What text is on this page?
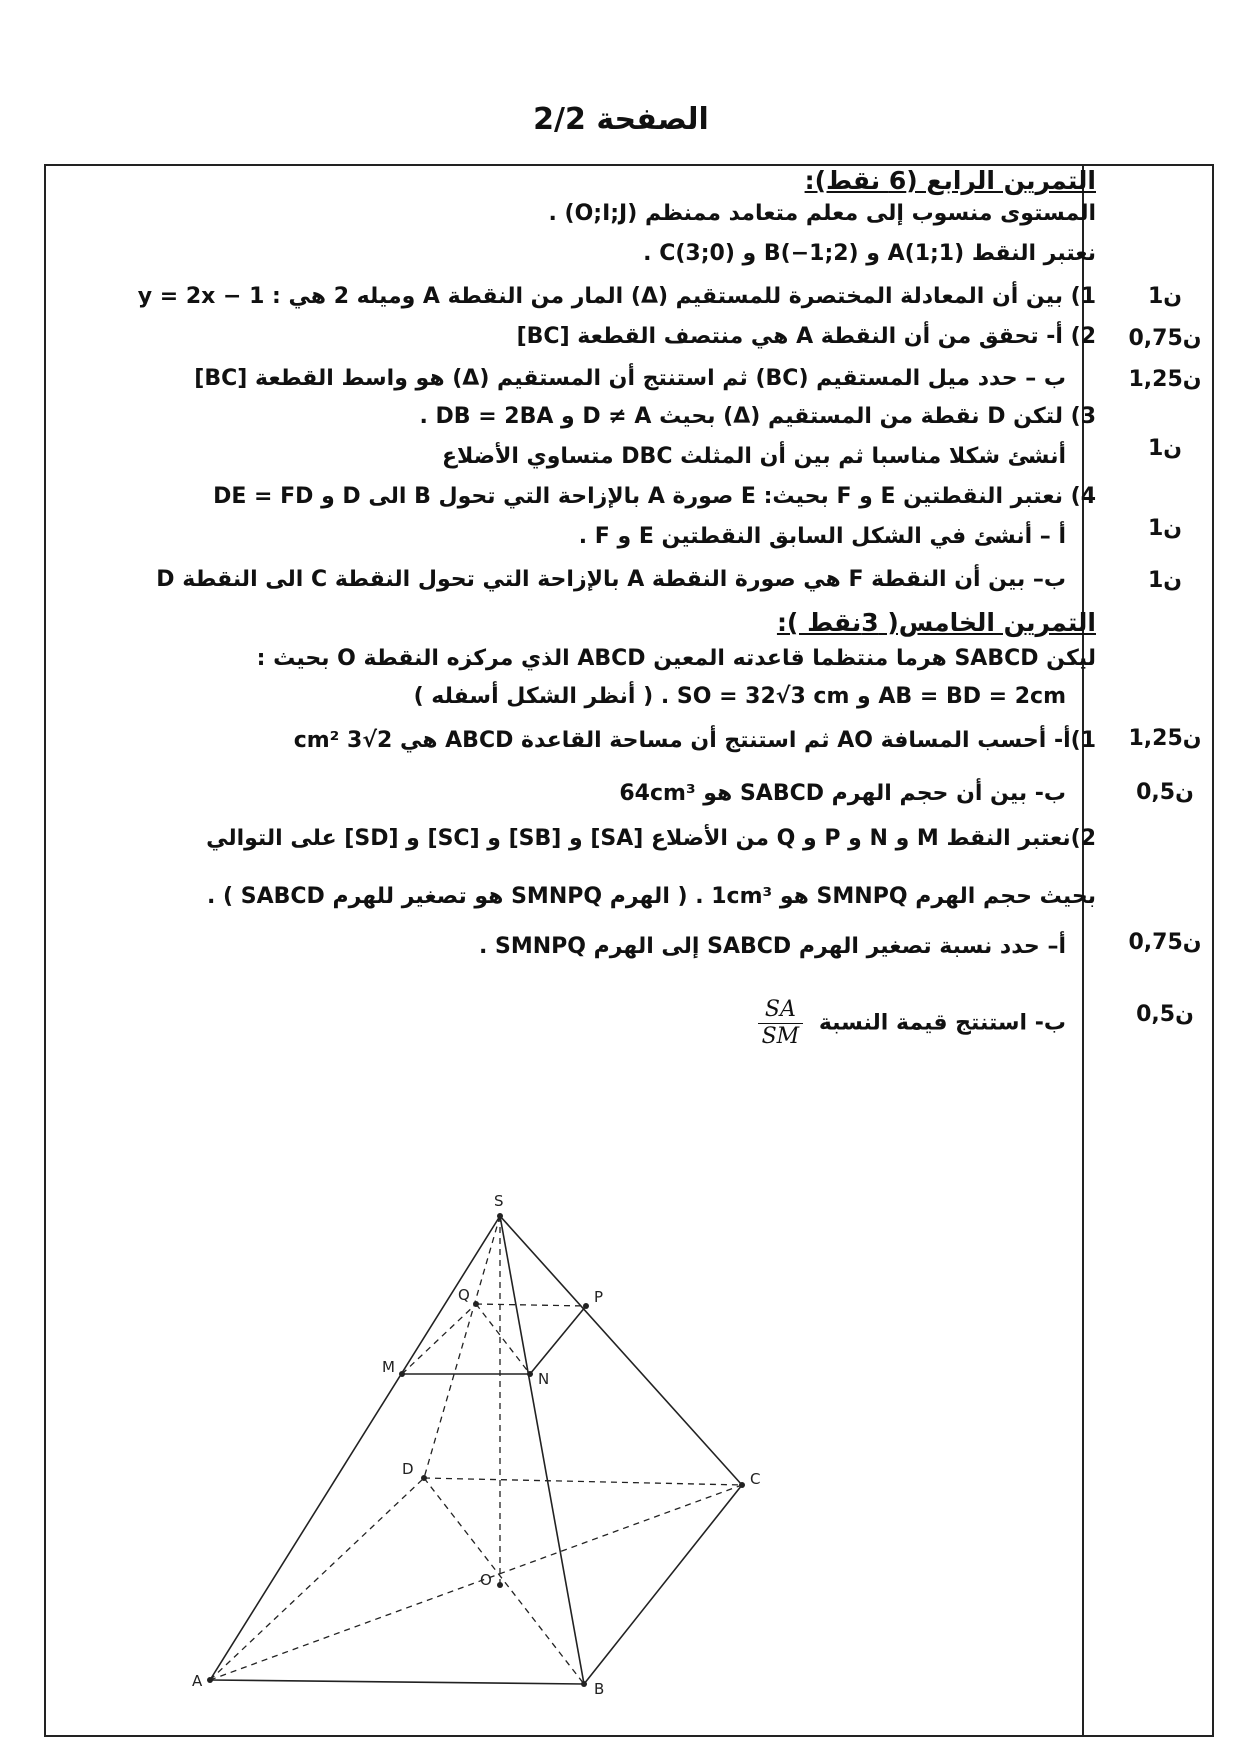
الصفحة 2/2
التمرين الرابع (6 نقط):
المستوى منسوب إلى معلم متعامد ممنظم (O;I;J) .
نعتبر النقط A(1;1) و B(−1;2) و C(3;0) .
1) بين أن المعادلة المختصرة للمستقيم (Δ) المار من النقطة A وميله 2 هي : y = 2x − 1
2) أ- تحقق من أن النقطة A هي منتصف القطعة [BC]
ب – حدد ميل المستقيم (BC) ثم استنتج أن المستقيم (Δ) هو واسط القطعة [BC]
3) لتكن D نقطة من المستقيم (Δ) بحيث D ≠ A و DB = 2BA .
أنشئ شكلا مناسبا ثم بين أن المثلث DBC متساوي الأضلاع
4) نعتبر النقطتين E و F بحيث: E صورة A بالإزاحة التي تحول B الى D و DE = FD
أ – أنشئ في الشكل السابق النقطتين E و F .
ب– بين أن النقطة F هي صورة النقطة A بالإزاحة التي تحول النقطة C الى النقطة D
التمرين الخامس( 3نقط ):
ليكن SABCD هرما منتظما قاعدته المعين ABCD الذي مركزه النقطة O بحيث :
AB = BD = 2cm و SO = 32√3 cm . ( أنظر الشكل أسفله )
1)أ- أحسب المسافة AO ثم استنتج أن مساحة القاعدة ABCD هي 2√3 cm²
ب- بين أن حجم الهرم SABCD هو 64cm³
2)نعتبر النقط M و N و P و Q من الأضلاع [SA] و [SB] و [SC] و [SD] على التوالي
بحيث حجم الهرم SMNPQ هو 1cm³ . ( الهرم SMNPQ هو تصغير للهرم SABCD ) .
أ– حدد نسبة تصغير الهرم SABCD إلى الهرم SMNPQ .
ب- استنتج قيمة النسبة
$\frac{SA}{SM}$
1ن
0,75ن
1,25ن
1ن
1ن
1ن
1,25ن
0,5ن
0,75ن
0,5ن
S
Q	P
M
N
D
C
O
A	B
